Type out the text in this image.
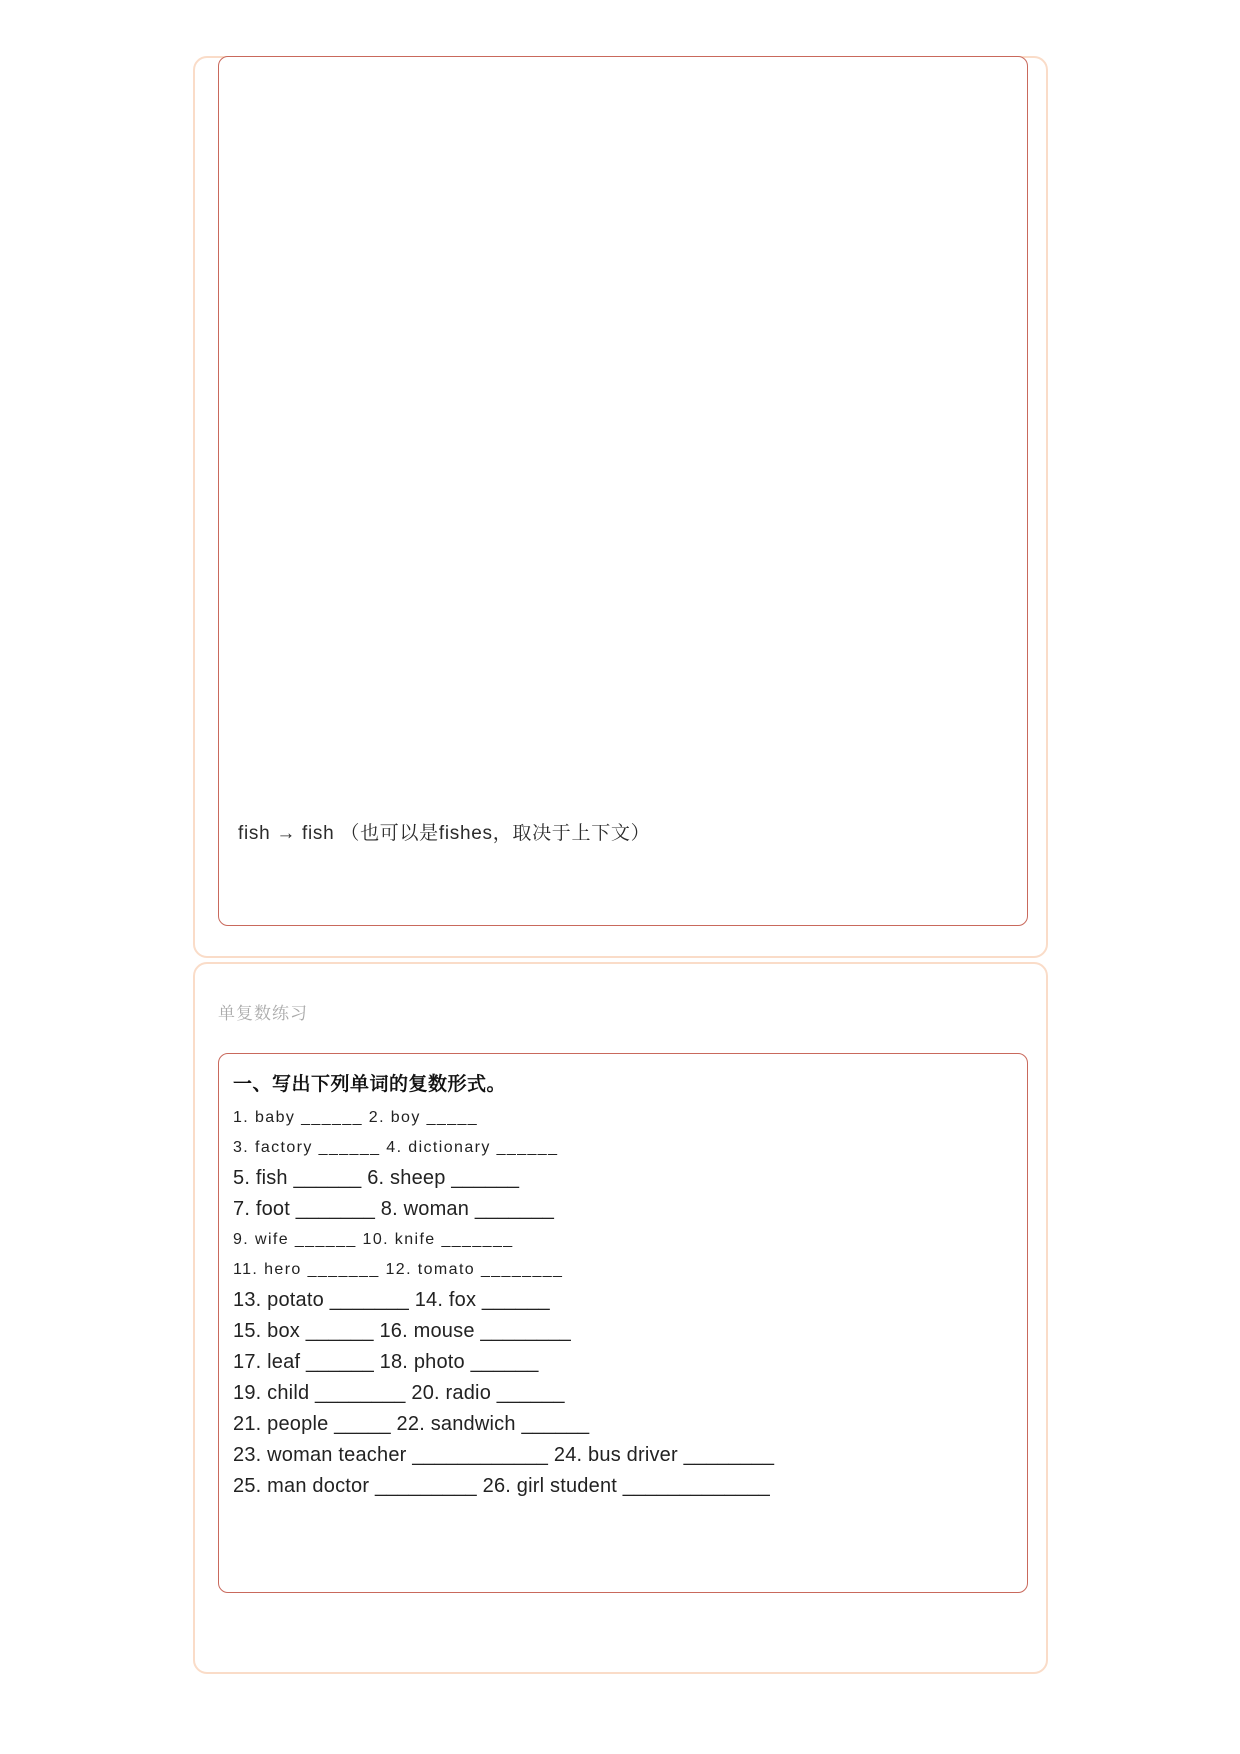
fish → fish （也可以是fishes，取决于上下文）
单复数练习
一、写出下列单词的复数形式。
1. baby ______ 2. boy _____
3. factory ______ 4. dictionary ______
5. fish ______ 6. sheep ______
7. foot _______ 8. woman _______
9. wife ______ 10. knife _______
11. hero _______ 12. tomato ________
13. potato _______ 14. fox ______
15. box ______ 16. mouse ________
17. leaf ______ 18. photo ______
19. child ________ 20. radio ______
21. people _____ 22. sandwich ______
23. woman teacher ____________ 24. bus driver ________
25. man doctor _________ 26. girl student _____________
